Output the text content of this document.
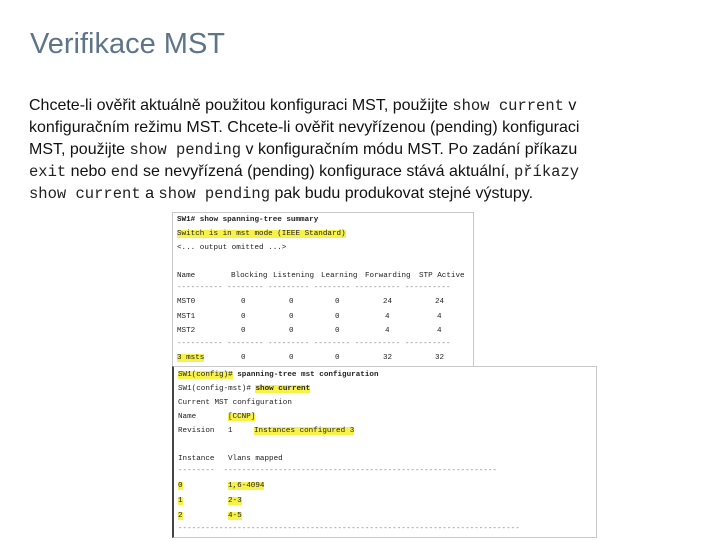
Verifikace MST
Chcete-li ověřit aktuálně použitou konfiguraci MST, použijte show current v
konfiguračním režimu MST. Chcete-li ověřit nevyřízenou (pending) konfiguraci
MST, použijte show pending v konfiguračním módu MST. Po zadání příkazu
exit nebo end se nevyřízená (pending) konfigurace stává aktuální, příkazy
show current a show pending pak budu produkovat stejné výstupy.
SW1# show spanning-tree summary
Switch is in mst mode (IEEE Standard)
<... output omitted ...>
Name	Blocking Listening Learning Forwarding STP Active
---------- -------- --------- -------- ---------- ----------
MST0	0	0	0	24	24
MST1	0	0	0	4	4
MST2	0	0	0	4	4
---------- -------- --------- -------- ---------- ----------
3 msts	0	0	0	32	32
SW1(config)# spanning-tree mst configuration
SW1(config-mst)# show current
Current MST configuration
Name	[CCNP]
Revision 1	Instances configured 3
Instance Vlans mapped
--------  ------------------------------------------------------------
0	1,6-4094
1	2-3
2	4-5
---------------------------------------------------------------------------
